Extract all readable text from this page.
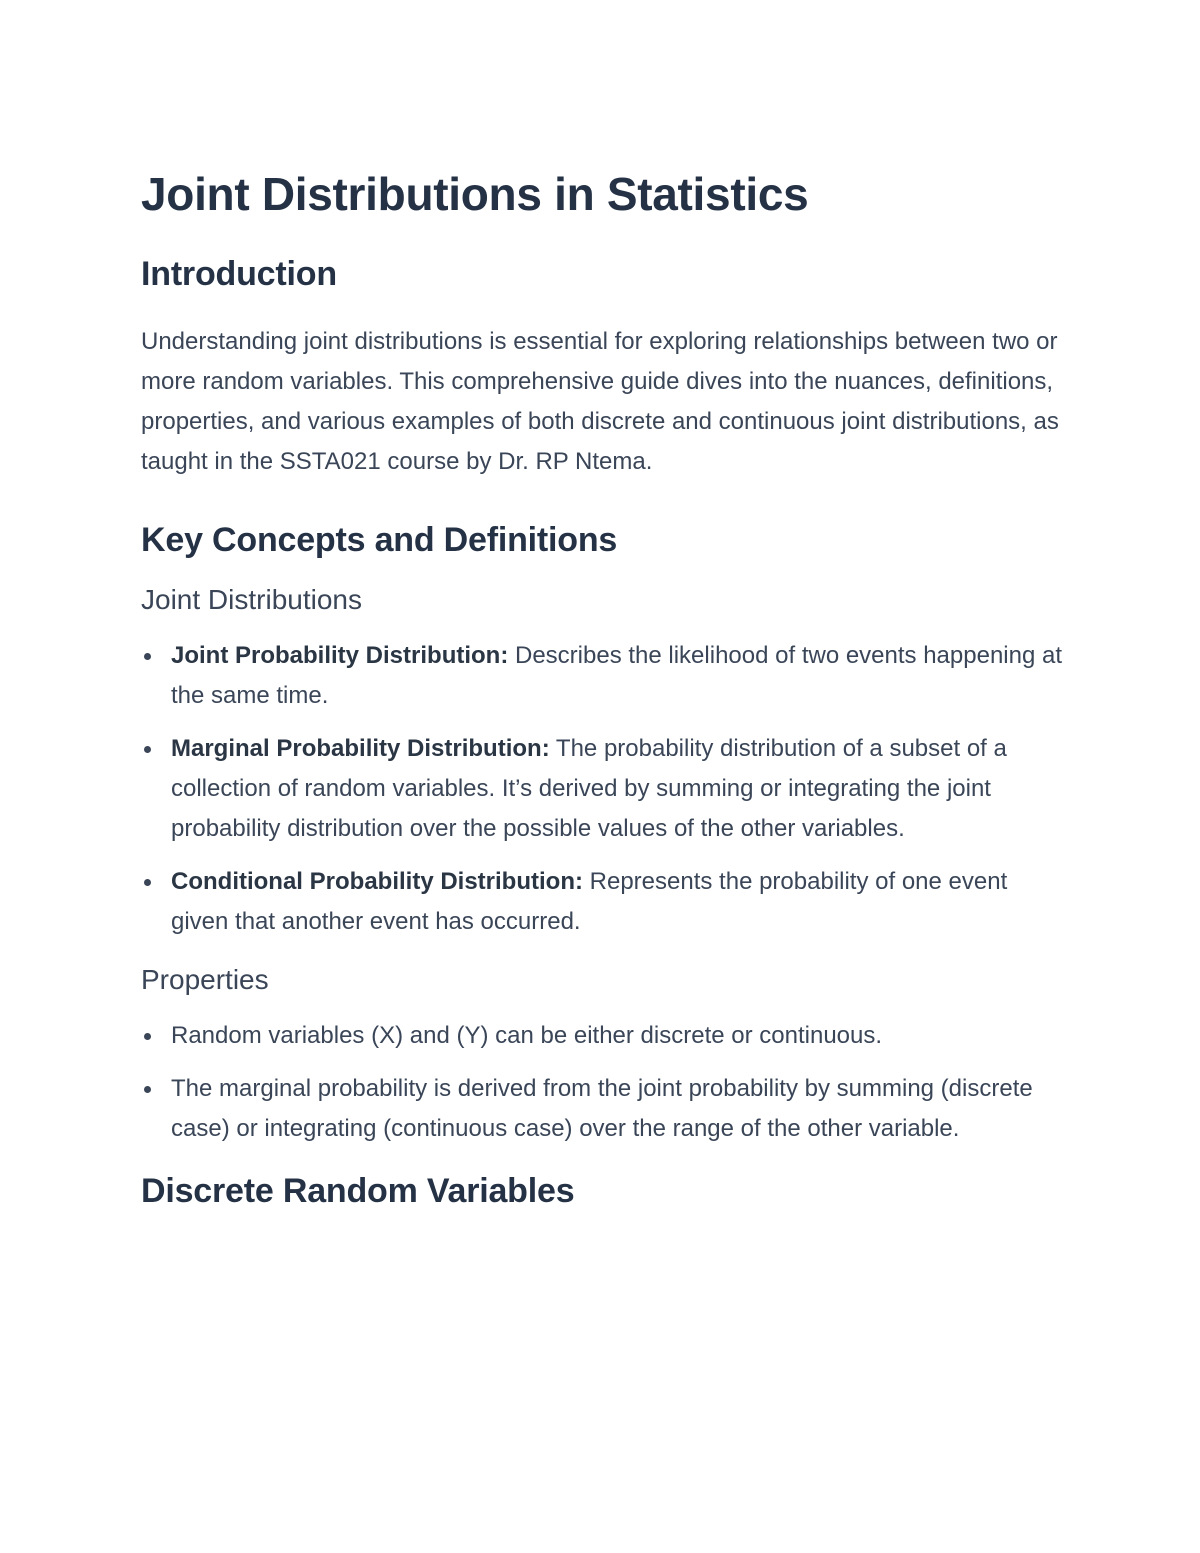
Joint Distributions in Statistics
Introduction

Understanding joint distributions is essential for exploring relationships between two or more random variables. This comprehensive guide dives into the nuances, definitions, properties, and various examples of both discrete and continuous joint distributions, as taught in the SSTA021 course by Dr. RP Ntema.

Key Concepts and Definitions
Joint Distributions
Joint Probability Distribution: Describes the likelihood of two events happening at the same time.
Marginal Probability Distribution: The probability distribution of a subset of a collection of random variables. It’s derived by summing or integrating the joint probability distribution over the possible values of the other variables.
Conditional Probability Distribution: Represents the probability of one event given that another event has occurred.
Properties
Random variables (X) and (Y) can be either discrete or continuous.
The marginal probability is derived from the joint probability by summing (discrete case) or integrating (continuous case) over the range of the other variable.
Discrete Random Variables
